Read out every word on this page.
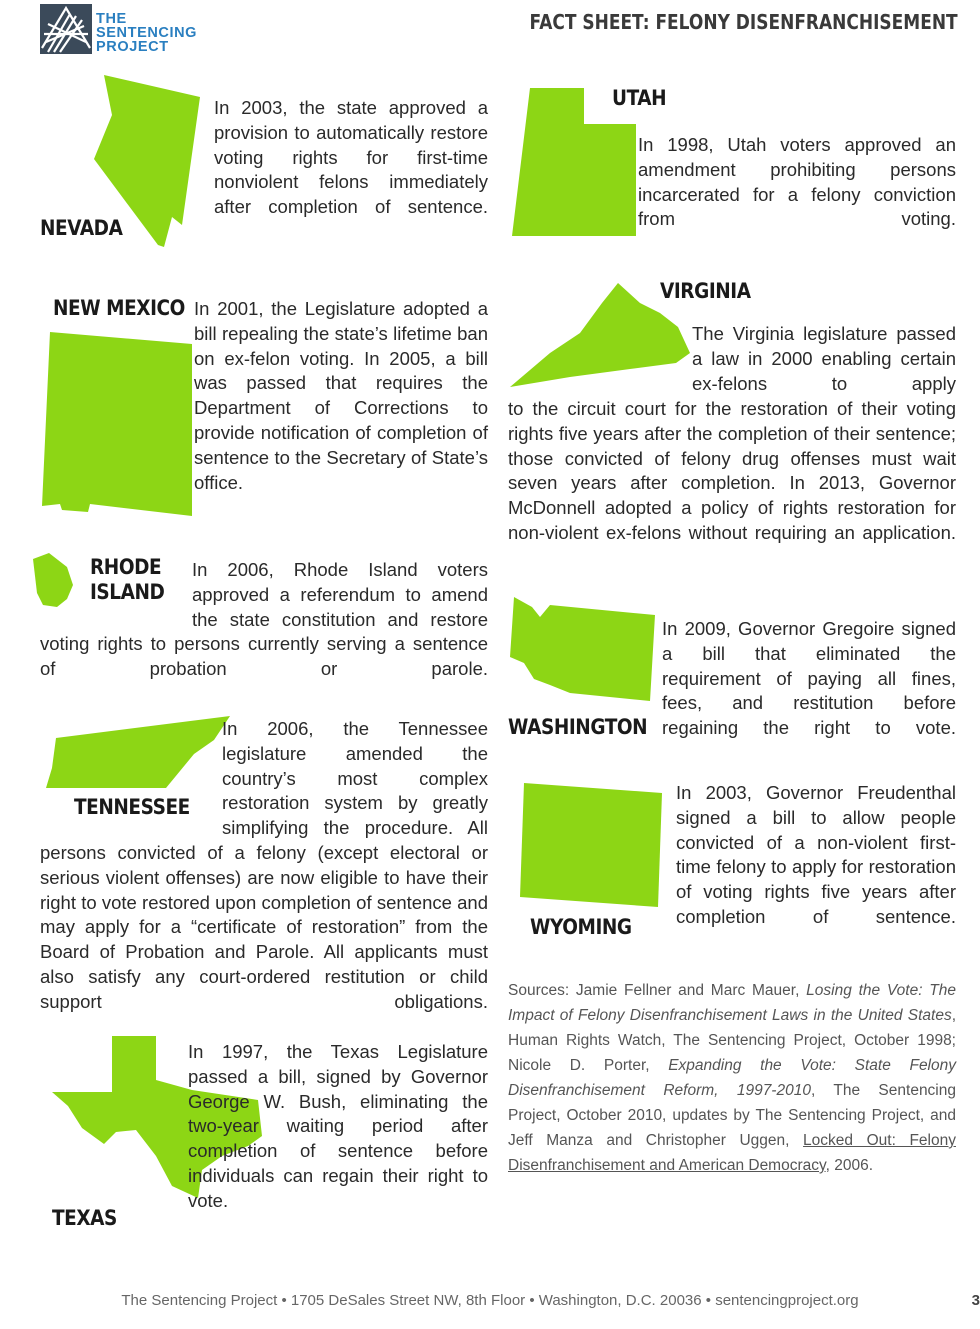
THE
SENTENCING
PROJECT
FACT SHEET: FELONY DISENFRANCHISEMENT
NEVADA
In 2003, the state approved a provision to automatically restore voting rights for first-time nonviolent felons immediately after completion of sentence.
NEW MEXICO In 2001, the Legislature adopted a bill repealing the state’s lifetime ban on ex-felon voting. In 2005, a bill was passed that requires the Department of Corrections to provide notification of completion of sentence to the Secretary of State’s office.
RHODE
ISLAND
In 2006, Rhode Island voters approved a referendum to amend the state constitution and restore
voting rights to persons currently serving a sentence of probation or parole.
TENNESSEE
In 2006, the Tennessee legislature amended the country’s most complex restoration system by greatly simplifying the procedure. All
persons convicted of a felony (except electoral or serious violent offenses) are now eligible to have their right to vote restored upon completion of sentence and may apply for a “certificate of restoration” from the Board of Probation and Parole. All applicants must also satisfy any court-ordered restitution or child support obligations.
TEXAS
In 1997, the Texas Legislature passed a bill, signed by Governor George W. Bush, eliminating the two-year waiting period after completion of sentence before individuals can regain their right to vote.
UTAH
In 1998, Utah voters approved an amendment prohibiting persons incarcerated for a felony conviction from voting.
VIRGINIA
The Virginia legislature passed a law in 2000 enabling certain ex-felons to apply
to the circuit court for the restoration of their voting rights five years after the completion of their sentence; those convicted of felony drug offenses must wait seven years after completion. In 2013, Governor McDonnell adopted a policy of rights restoration for non-violent ex-felons without requiring an application.
WASHINGTON
In 2009, Governor Gregoire signed a bill that eliminated the requirement of paying all fines, fees, and restitution before regaining the right to vote.
WYOMING
In 2003, Governor Freudenthal signed a bill to allow people convicted of a non-violent first-time felony to apply for restoration of voting rights five years after completion of sentence.
Sources: Jamie Fellner and Marc Mauer, Losing the Vote: The Impact of Felony Disenfranchisement Laws in the United States, Human Rights Watch, The Sentencing Project, October 1998; Nicole D. Porter, Expanding the Vote: State Felony Disenfranchisement Reform, 1997-2010, The Sentencing Project, October 2010, updates by The Sentencing Project, and Jeff Manza and Christopher Uggen, Locked Out: Felony Disenfranchisement and American Democracy, 2006.
The Sentencing Project • 1705 DeSales Street NW, 8th Floor • Washington, D.C. 20036 • sentencingproject.org	3
